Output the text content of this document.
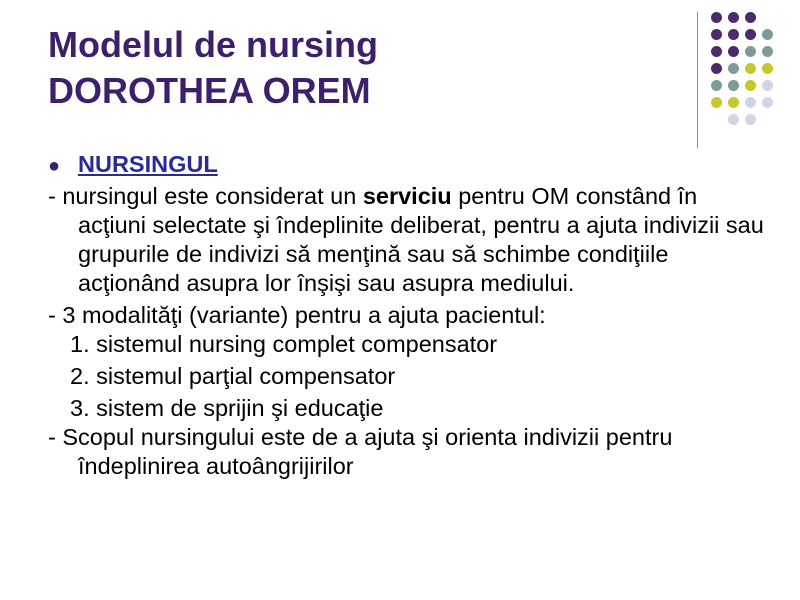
Modelul de nursing
DOROTHEA OREM
● NURSINGUL

- nursingul este considerat un serviciu pentru OM constând în acţiuni selectate şi îndeplinite deliberat, pentru a ajuta indivizii sau grupurile de indivizi să menţină sau să schimbe condiţiile acţionând asupra lor înşişi sau asupra mediului.

- 3 modalităţi (variante) pentru a ajuta pacientul:

1. sistemul nursing complet compensator

2. sistemul parţial compensator

3. sistem de sprijin şi educaţie

- Scopul nursingului este de a ajuta şi orienta indivizii pentru îndeplinirea autoângrijirilor
